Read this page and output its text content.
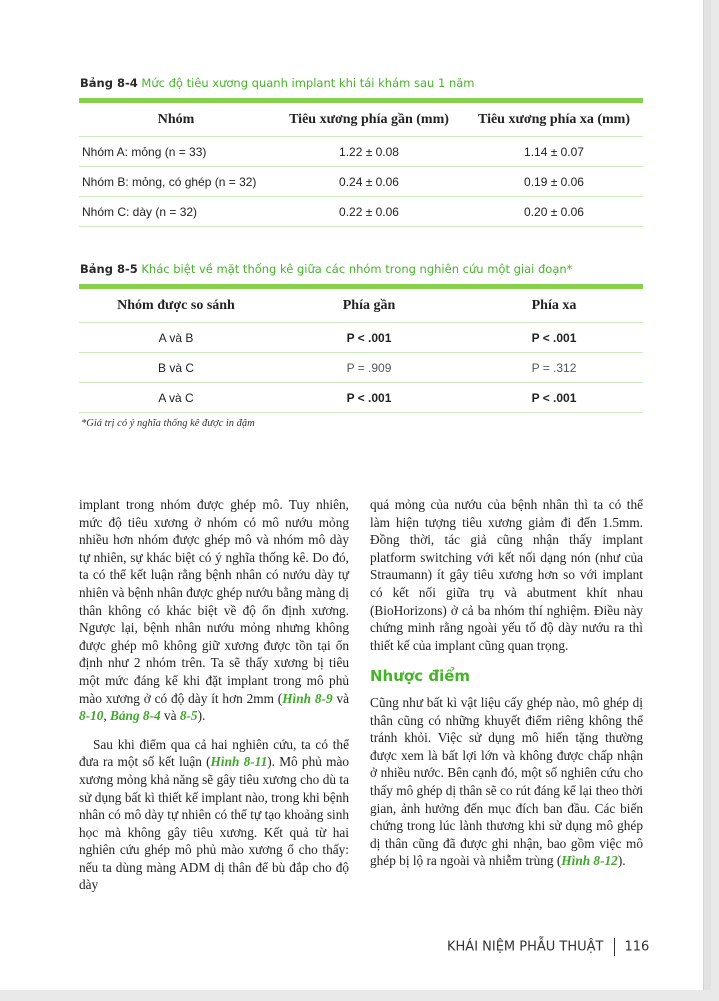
Bảng 8-4 Mức độ tiêu xương quanh implant khi tái khám sau 1 năm
Nhóm	Tiêu xương phía gần (mm)	Tiêu xương phía xa (mm)
Nhóm A: mỏng (n = 33)	1.22 ± 0.08	1.14 ± 0.07
Nhóm B: mỏng, có ghép (n = 32)	0.24 ± 0.06	0.19 ± 0.06
Nhóm C: dày (n = 32)	0.22 ± 0.06	0.20 ± 0.06
Bảng 8-5 Khác biệt về mặt thống kê giữa các nhóm trong nghiên cứu một giai đoạn*
Nhóm được so sánh	Phía gần	Phía xa
A và B	P < .001	P < .001
B và C	P = .909	P = .312
A và C	P < .001	P < .001
*Giá trị có ý nghĩa thống kê được in đậm

implant trong nhóm được ghép mô. Tuy nhiên, mức độ tiêu xương ở nhóm có mô nướu mỏng nhiều hơn nhóm được ghép mô và nhóm mô dày tự nhiên, sự khác biệt có ý nghĩa thống kê. Do đó, ta có thể kết luận rằng bệnh nhân có nướu dày tự nhiên và bệnh nhân được ghép nướu bằng màng dị thân không có khác biệt về độ ổn định xương. Ngược lại, bệnh nhân nướu mỏng nhưng không được ghép mô không giữ xương được tồn tại ổn định như 2 nhóm trên. Ta sẽ thấy xương bị tiêu một mức đáng kể khi đặt implant trong mô phủ mào xương ở có độ dày ít hơn 2mm (Hình 8-9 và 8-10, Bảng 8-4 và 8-5).

Sau khi điểm qua cả hai nghiên cứu, ta có thể đưa ra một số kết luận (Hình 8-11). Mô phủ mào xương mỏng khả năng sẽ gây tiêu xương cho dù ta sử dụng bất kì thiết kế implant nào, trong khi bệnh nhân có mô dày tự nhiên có thể tự tạo khoảng sinh học mà không gây tiêu xương. Kết quả từ hai nghiên cứu ghép mô phủ mào xương ổ cho thấy: nếu ta dùng màng ADM dị thân để bù đắp cho độ dày

quá mỏng của nướu của bệnh nhân thì ta có thể làm hiện tượng tiêu xương giảm đi đến 1.5mm. Đồng thời, tác giả cũng nhận thấy implant platform switching với kết nối dạng nón (như của Straumann) ít gây tiêu xương hơn so với implant có kết nối giữa trụ và abutment khít nhau (BioHorizons) ở cả ba nhóm thí nghiệm. Điều này chứng minh rằng ngoài yếu tố độ dày nướu ra thì thiết kế của implant cũng quan trọng.

Nhược điểm

Cũng như bất kì vật liệu cấy ghép nào, mô ghép dị thân cũng có những khuyết điểm riêng không thể tránh khỏi. Việc sử dụng mô hiến tặng thường được xem là bất lợi lớn và không được chấp nhận ở nhiều nước. Bên cạnh đó, một số nghiên cứu cho thấy mô ghép dị thân sẽ co rút đáng kể lại theo thời gian, ảnh hưởng đến mục đích ban đầu. Các biến chứng trong lúc lành thương khi sử dụng mô ghép dị thân cũng đã được ghi nhận, bao gồm việc mô ghép bị lộ ra ngoài và nhiễm trùng (Hình 8-12).

KHÁI NIỆM PHẪU THUẬT 116
